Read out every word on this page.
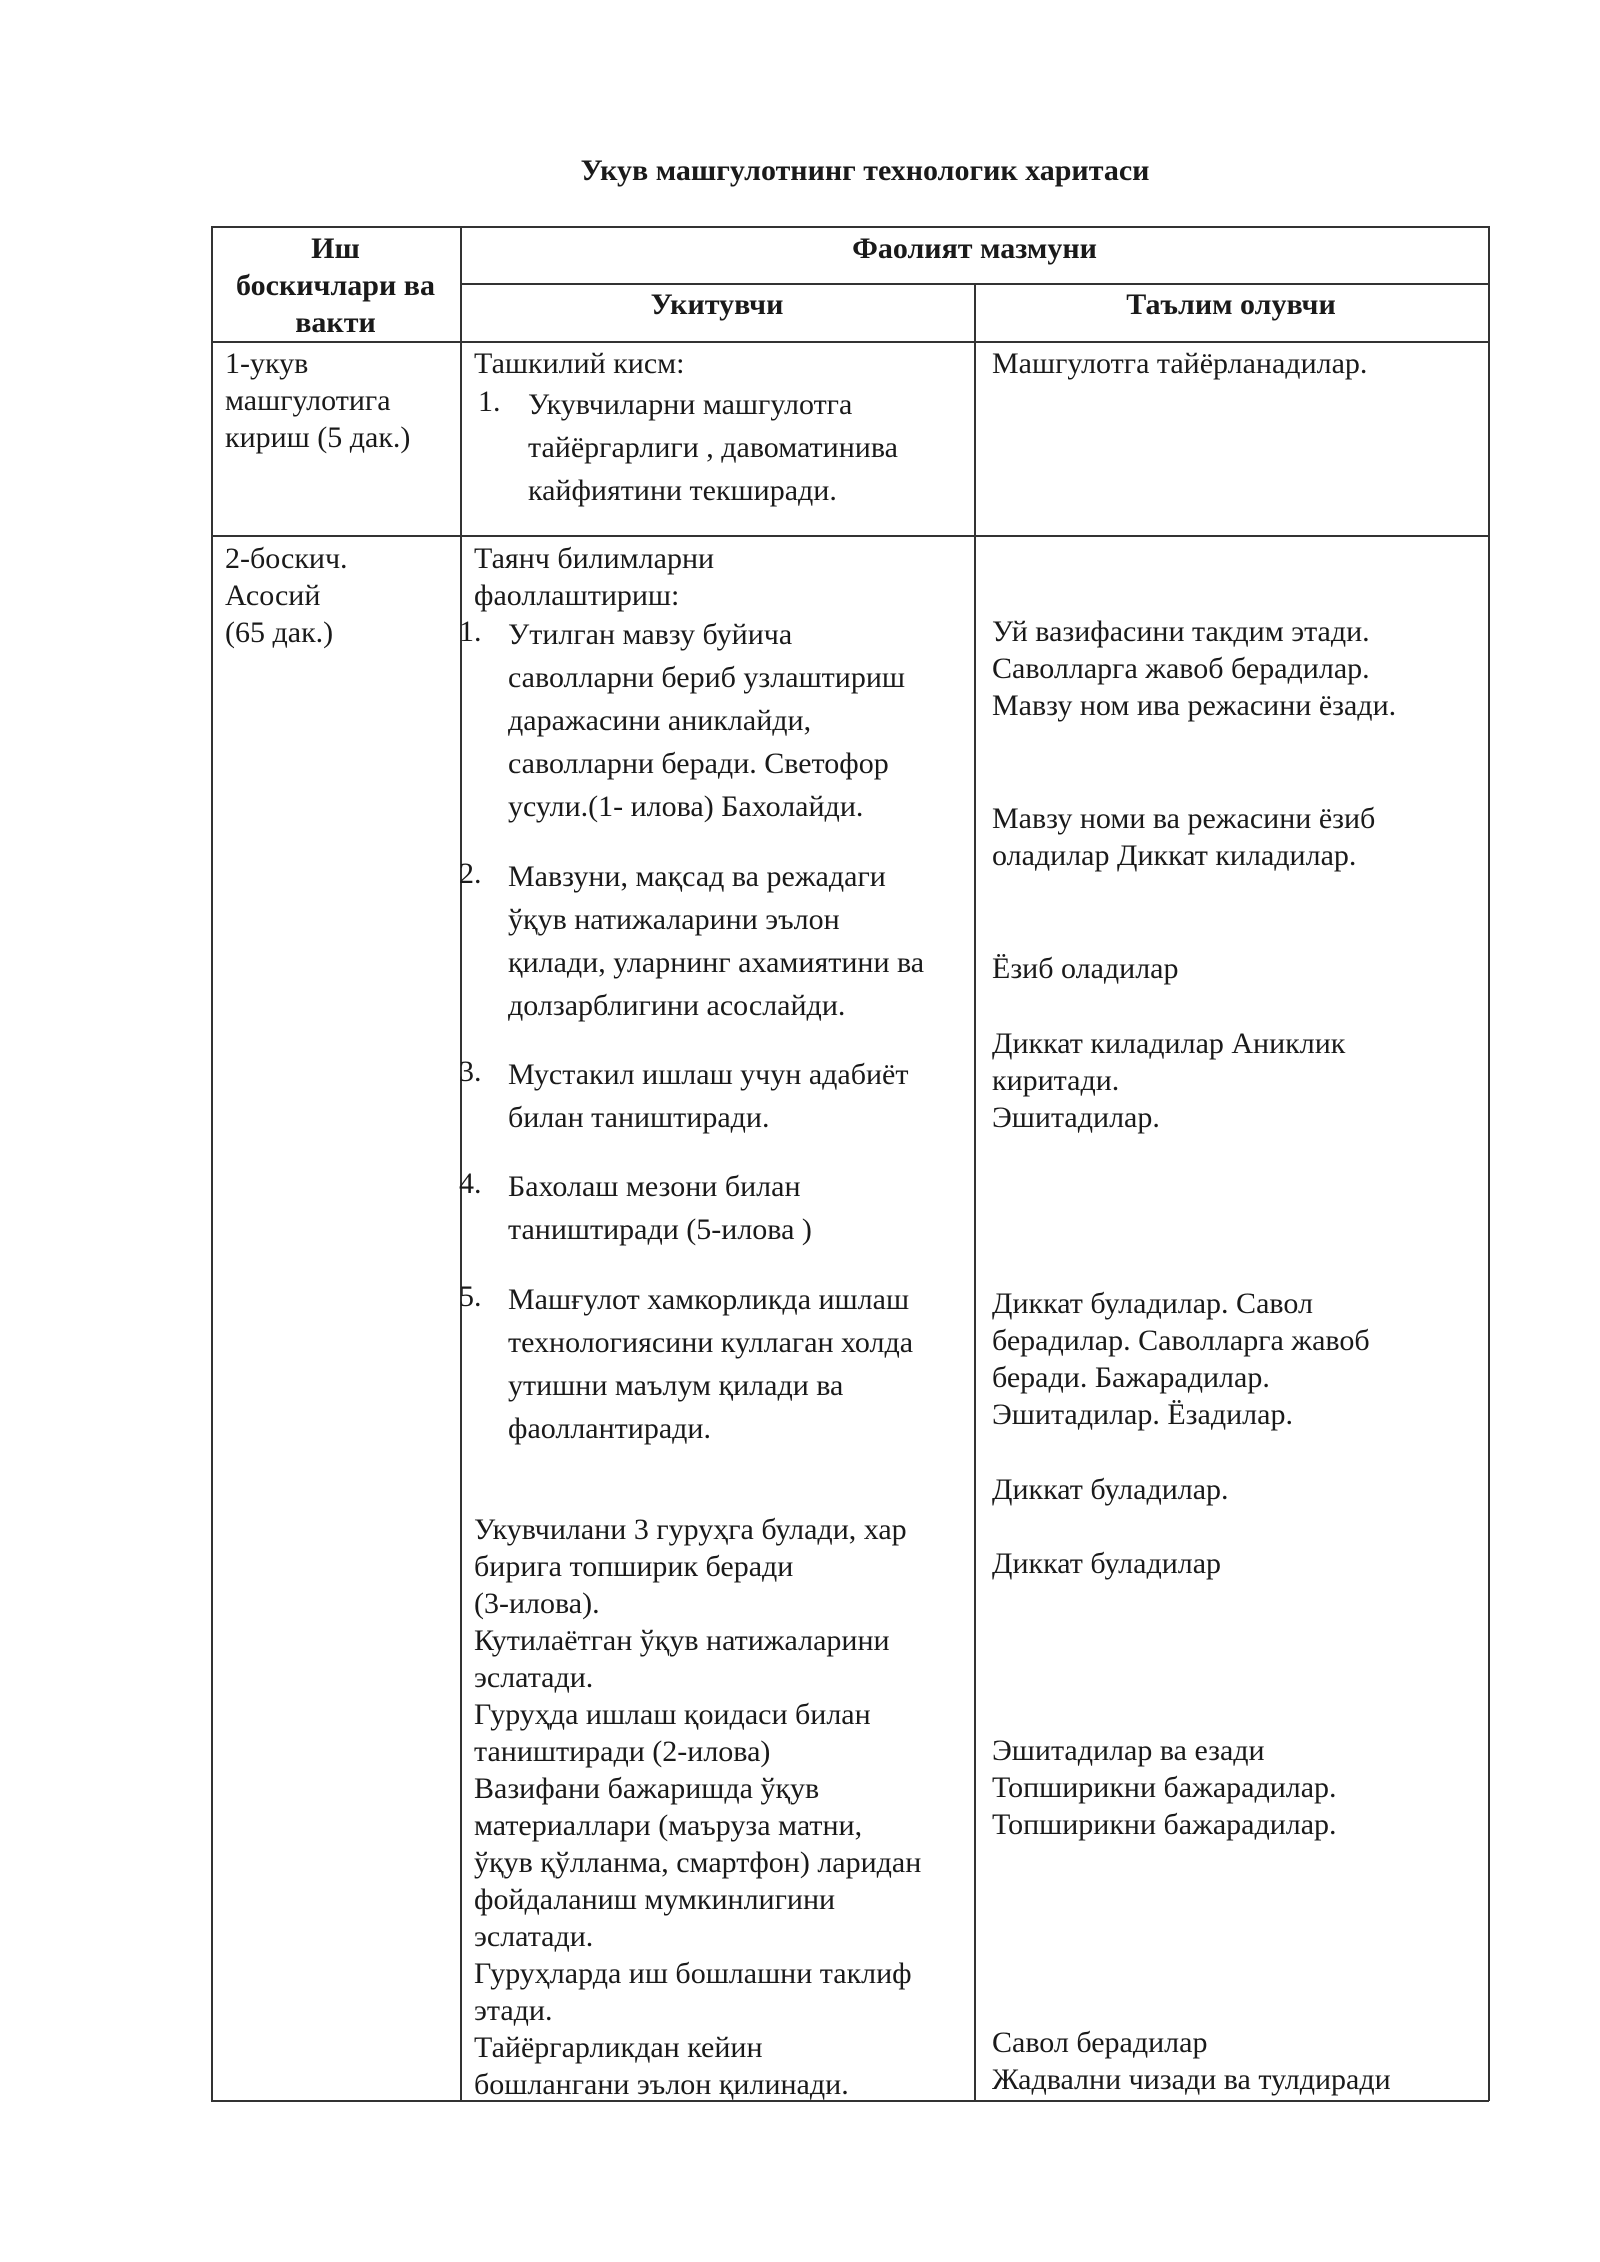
Укув машгулотнинг технологик харитаси
Иш
боскичлари ва
вакти
Фаолият мазмуни
Укитувчи	Таълим олувчи
1-укув
машгулотига
кириш (5 дак.)
Ташкилий кисм:
1. Укувчиларни машгулотга
тайёргарлиги , давоматинива
кайфиятини текширади.
Машгулотга тайёрланадилар.
2-боскич.
Асосий
(65 дак.)
Таянч билимларни
фаоллаштириш:
1. Утилган мавзу буйича
саволларни бериб узлаштириш
даражасини аниклайди,
саволларни беради. Светофор
усули.(1- илова) Бахолайди.
2. Мавзуни, мақсад ва режадаги
ўқув натижаларини эълон
қилади, уларнинг ахамиятини ва
долзарблигини асослайди.
3. Мустакил ишлаш учун адабиёт
билан таништиради.
4. Бахолаш мезони билан
таништиради (5-илова )
5. Машғулот хамкорликда ишлаш
технологиясини куллаган холда
утишни маълум қилади ва
фаоллантиради.
Укувчилани 3 гуруҳга булади, хар
бирига топширик беради
(3-илова).
Кутилаётган ўқув натижаларини
эслатади.
Гуруҳда ишлаш қоидаси билан
таништиради (2-илова)
Вазифани бажаришда ўқув
материаллари (маъруза матни,
ўқув қўлланма, смартфон) ларидан
фойдаланиш мумкинлигини
эслатади.
Гуруҳларда иш бошлашни таклиф
этади.
Тайёргарликдан кейин
бошлангани эълон қилинади.
Уй вазифасини такдим этади.
Саволларга жавоб берадилар.
Мавзу ном ива режасини ёзади.
Мавзу номи ва режасини ёзиб
оладилар Диккат киладилар.
Ёзиб оладилар
Диккат киладилар Аниклик
киритади.
Эшитадилар.
Диккат буладилар. Савол
берадилар. Саволларга жавоб
беради. Бажарадилар.
Эшитадилар. Ёзадилар.
Диккат буладилар.
Диккат буладилар
Эшитадилар ва езади
Топширикни бажарадилар.
Топширикни бажарадилар.
Савол берадилар
Жадвални чизади ва тулдиради
